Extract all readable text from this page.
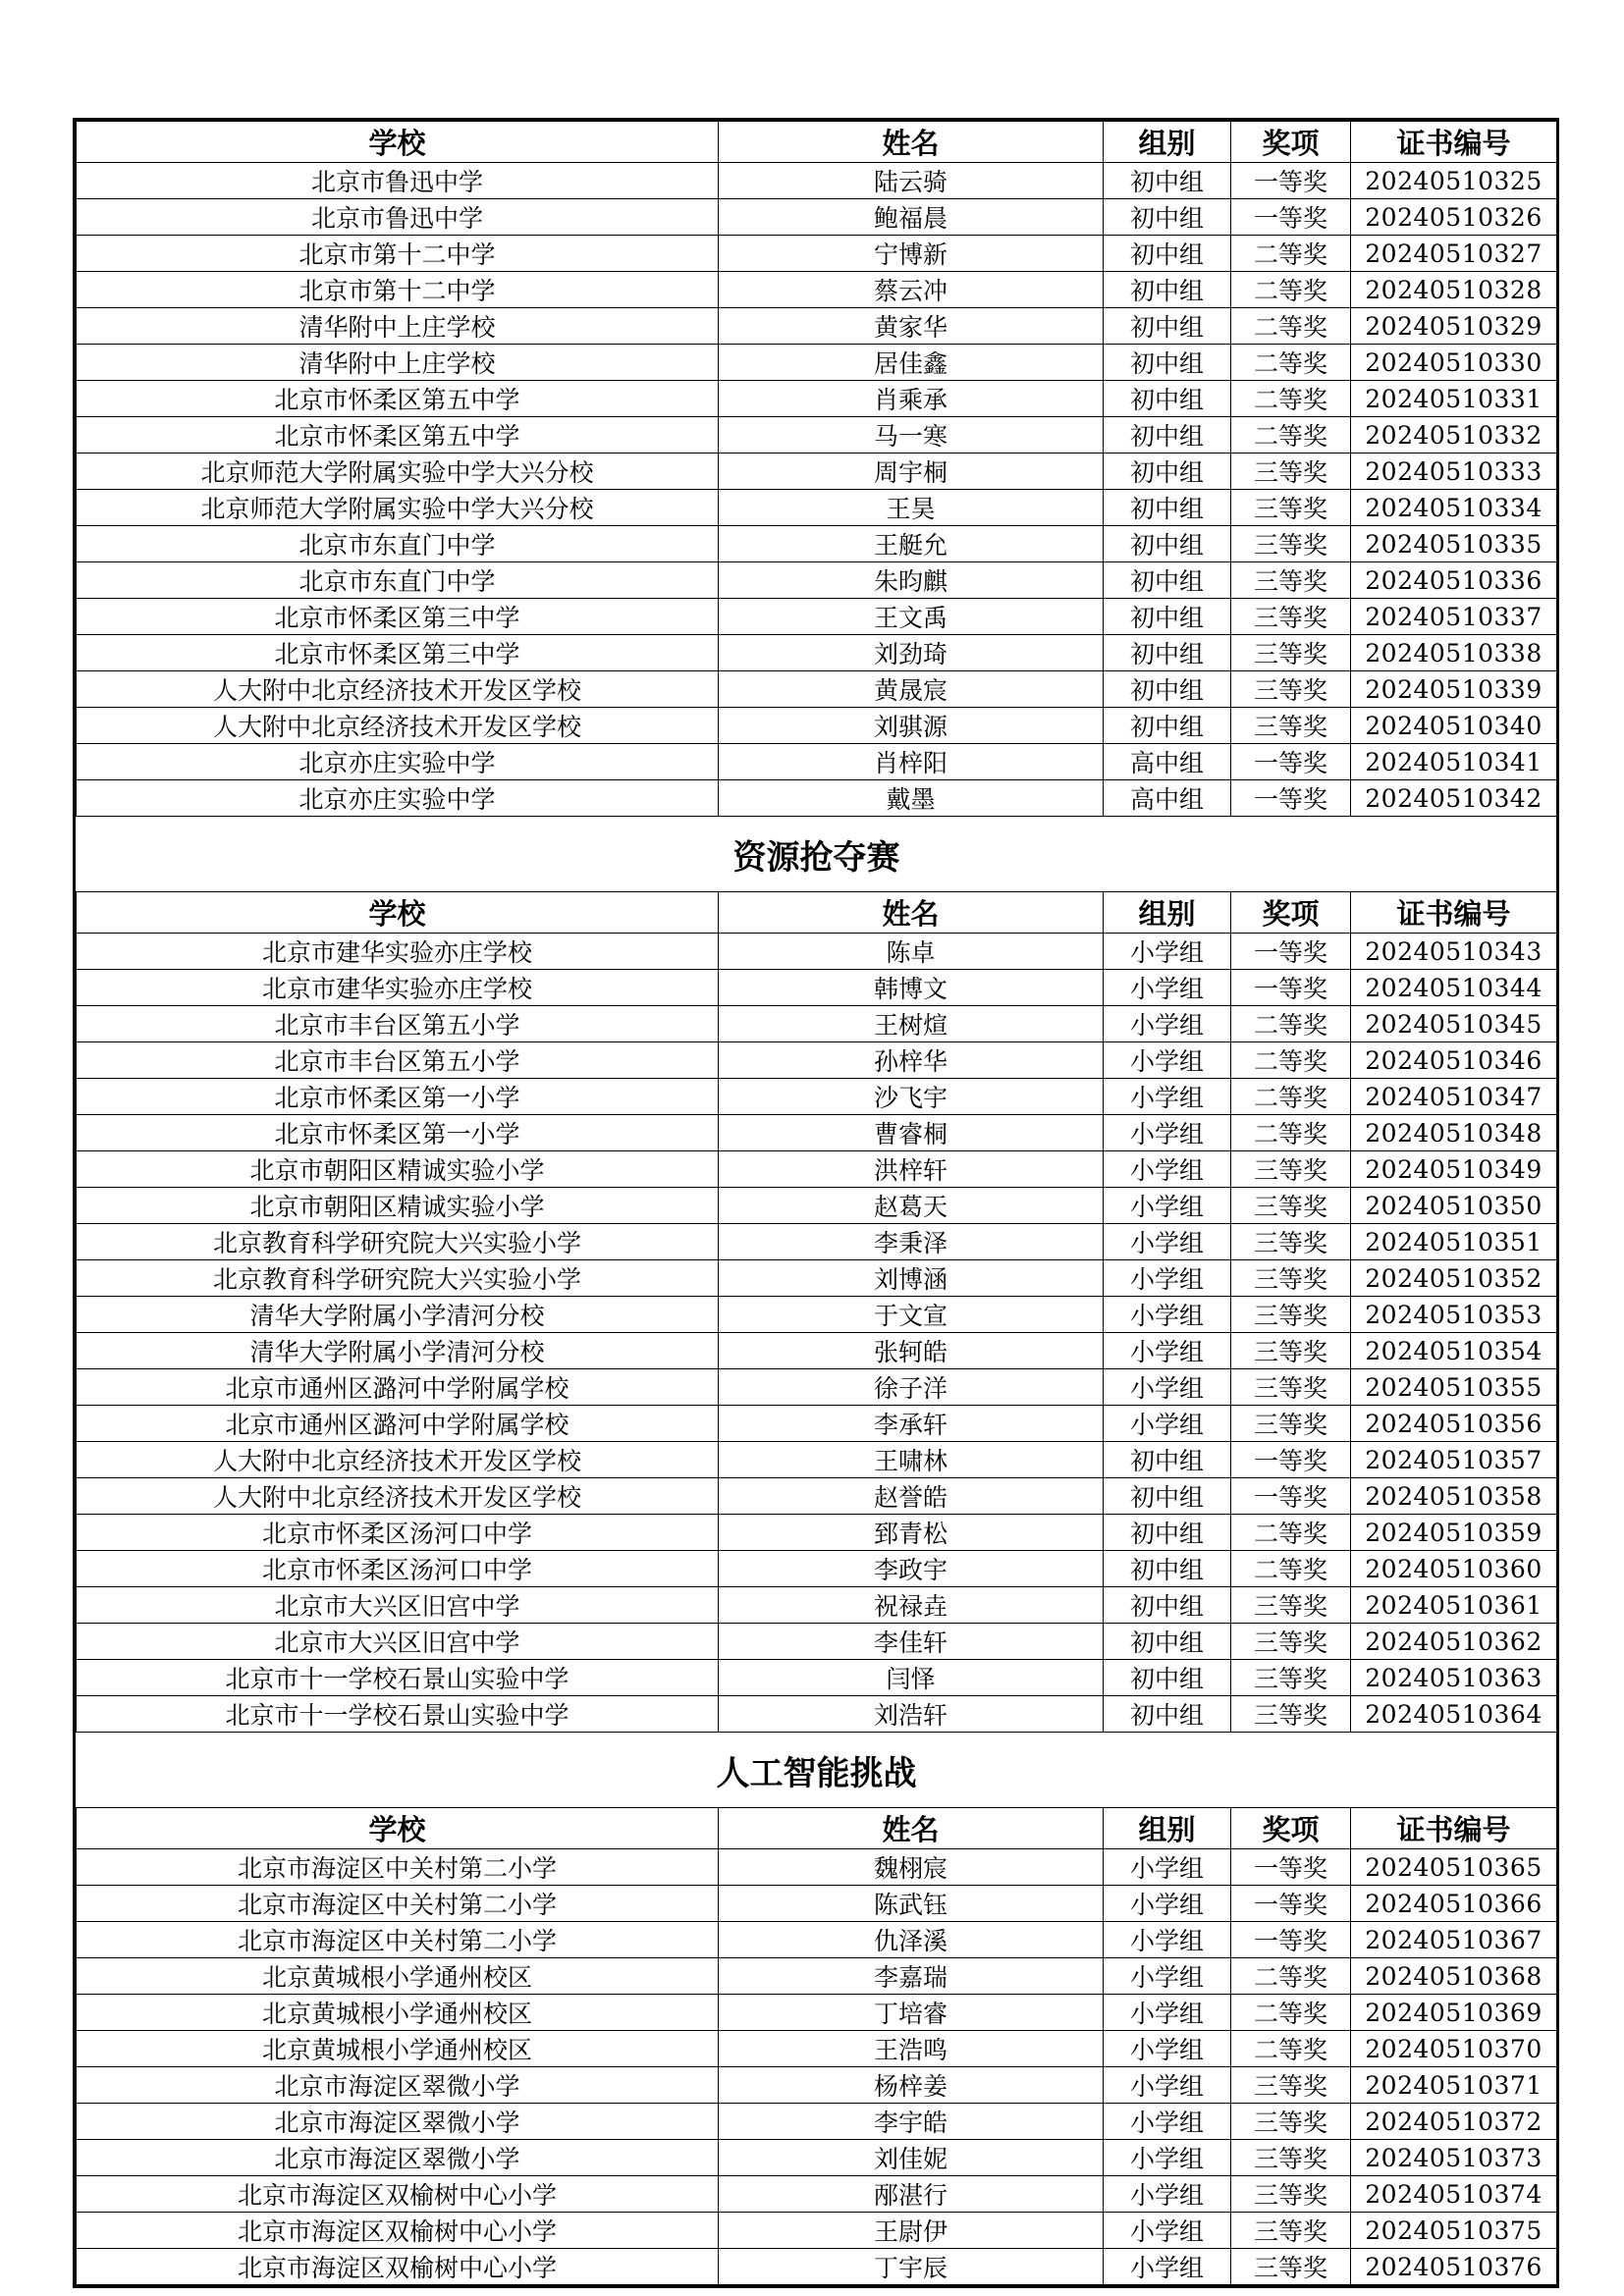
学校	姓名	组别	奖项	证书编号
北京市鲁迅中学	陆云骑	初中组	一等奖	20240510325
北京市鲁迅中学	鲍福晨	初中组	一等奖	20240510326
北京市第十二中学	宁博新	初中组	二等奖	20240510327
北京市第十二中学	蔡云冲	初中组	二等奖	20240510328
清华附中上庄学校	黄家华	初中组	二等奖	20240510329
清华附中上庄学校	居佳鑫	初中组	二等奖	20240510330
北京市怀柔区第五中学	肖乘承	初中组	二等奖	20240510331
北京市怀柔区第五中学	马一寒	初中组	二等奖	20240510332
北京师范大学附属实验中学大兴分校	周宇桐	初中组	三等奖	20240510333
北京师范大学附属实验中学大兴分校	王昊	初中组	三等奖	20240510334
北京市东直门中学	王艇允	初中组	三等奖	20240510335
北京市东直门中学	朱昀麒	初中组	三等奖	20240510336
北京市怀柔区第三中学	王文禹	初中组	三等奖	20240510337
北京市怀柔区第三中学	刘劲琦	初中组	三等奖	20240510338
人大附中北京经济技术开发区学校	黄晟宸	初中组	三等奖	20240510339
人大附中北京经济技术开发区学校	刘骐源	初中组	三等奖	20240510340
北京亦庄实验中学	肖梓阳	高中组	一等奖	20240510341
北京亦庄实验中学	戴墨	高中组	一等奖	20240510342
资源抢夺赛				
学校	姓名	组别	奖项	证书编号
北京市建华实验亦庄学校	陈卓	小学组	一等奖	20240510343
北京市建华实验亦庄学校	韩博文	小学组	一等奖	20240510344
北京市丰台区第五小学	王树煊	小学组	二等奖	20240510345
北京市丰台区第五小学	孙梓华	小学组	二等奖	20240510346
北京市怀柔区第一小学	沙飞宇	小学组	二等奖	20240510347
北京市怀柔区第一小学	曹睿桐	小学组	二等奖	20240510348
北京市朝阳区精诚实验小学	洪梓轩	小学组	三等奖	20240510349
北京市朝阳区精诚实验小学	赵葛天	小学组	三等奖	20240510350
北京教育科学研究院大兴实验小学	李秉泽	小学组	三等奖	20240510351
北京教育科学研究院大兴实验小学	刘博涵	小学组	三等奖	20240510352
清华大学附属小学清河分校	于文宣	小学组	三等奖	20240510353
清华大学附属小学清河分校	张轲皓	小学组	三等奖	20240510354
北京市通州区潞河中学附属学校	徐子洋	小学组	三等奖	20240510355
北京市通州区潞河中学附属学校	李承轩	小学组	三等奖	20240510356
人大附中北京经济技术开发区学校	王啸林	初中组	一等奖	20240510357
人大附中北京经济技术开发区学校	赵誉皓	初中组	一等奖	20240510358
北京市怀柔区汤河口中学	郅青松	初中组	二等奖	20240510359
北京市怀柔区汤河口中学	李政宇	初中组	二等奖	20240510360
北京市大兴区旧宫中学	祝禄垚	初中组	三等奖	20240510361
北京市大兴区旧宫中学	李佳轩	初中组	三等奖	20240510362
北京市十一学校石景山实验中学	闫怿	初中组	三等奖	20240510363
北京市十一学校石景山实验中学	刘浩轩	初中组	三等奖	20240510364
人工智能挑战				
学校	姓名	组别	奖项	证书编号
北京市海淀区中关村第二小学	魏栩宸	小学组	一等奖	20240510365
北京市海淀区中关村第二小学	陈武钰	小学组	一等奖	20240510366
北京市海淀区中关村第二小学	仇泽溪	小学组	一等奖	20240510367
北京黄城根小学通州校区	李嘉瑞	小学组	二等奖	20240510368
北京黄城根小学通州校区	丁培睿	小学组	二等奖	20240510369
北京黄城根小学通州校区	王浩鸣	小学组	二等奖	20240510370
北京市海淀区翠微小学	杨梓姜	小学组	三等奖	20240510371
北京市海淀区翠微小学	李宇皓	小学组	三等奖	20240510372
北京市海淀区翠微小学	刘佳妮	小学组	三等奖	20240510373
北京市海淀区双榆树中心小学	邴湛行	小学组	三等奖	20240510374
北京市海淀区双榆树中心小学	王尉伊	小学组	三等奖	20240510375
北京市海淀区双榆树中心小学	丁宇辰	小学组	三等奖	20240510376
